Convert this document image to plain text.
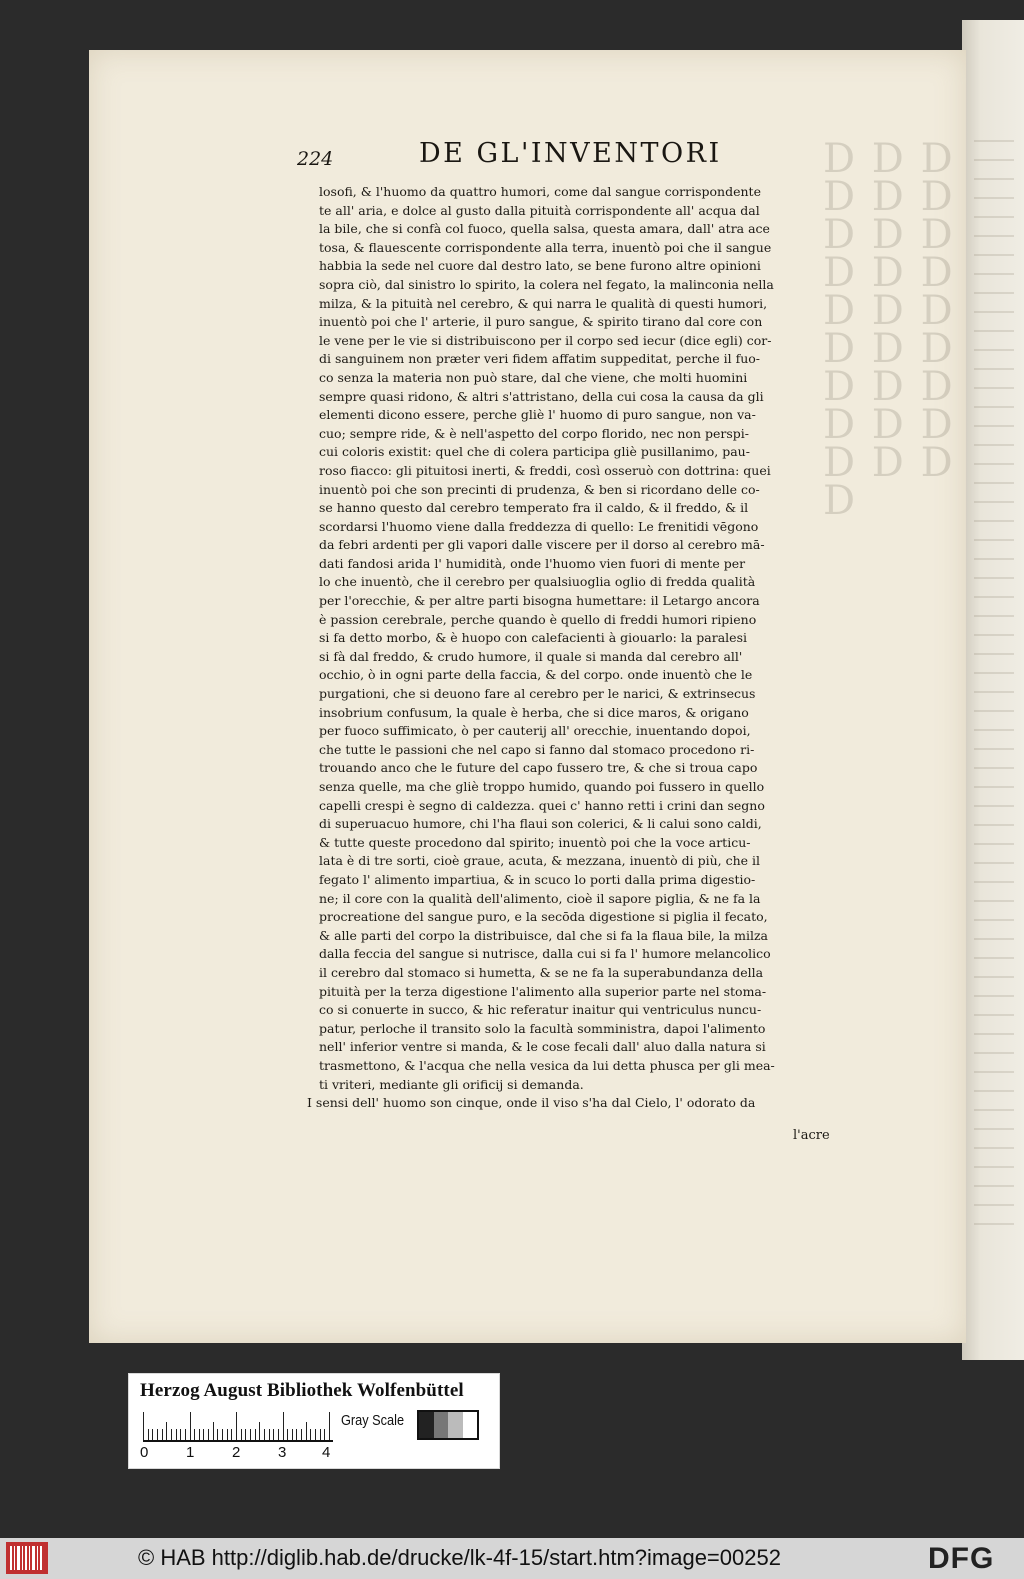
D D D D D D D D D D D D D D D D D D D D D D D D D D D D
224	DE GL'INVENTORI
losofi, & l'huomo da quattro humori, come dal sangue corrispondente
te all' aria, e dolce al gusto dalla pituità corrispondente all' acqua dal
la bile, che si confà col fuoco, quella salsa, questa amara, dall' atra ace
tosa, & flauescente corrispondente alla terra, inuentò poi che il sangue
habbia la sede nel cuore dal destro lato, se bene furono altre opinioni
sopra ciò, dal sinistro lo spirito, la colera nel fegato, la malinconia nella
milza, & la pituità nel cerebro, & qui narra le qualità di questi humori,
inuentò poi che l' arterie, il puro sangue, & spirito tirano dal core con
le vene per le vie si distribuiscono per il corpo sed iecur (dice egli) cor-
di sanguinem non præter veri fidem affatim suppeditat, perche il fuo-
co senza la materia non può stare, dal che viene, che molti huomini
sempre quasi ridono, & altri s'attristano, della cui cosa la causa da gli
elementi dicono essere, perche gliè l' huomo di puro sangue, non va-
cuo; sempre ride, & è nell'aspetto del corpo florido, nec non perspi-
cui coloris existit: quel che di colera participa gliè pusillanimo, pau-
roso fiacco: gli pituitosi inerti, & freddi, così osseruò con dottrina: quei
inuentò poi che son precinti di prudenza, & ben si ricordano delle co-
se hanno questo dal cerebro temperato fra il caldo, & il freddo, & il
scordarsi l'huomo viene dalla freddezza di quello: Le frenitidi vēgono
da febri ardenti per gli vapori dalle viscere per il dorso al cerebro mā-
dati fandosi arida l' humidità, onde l'huomo vien fuori di mente per
lo che inuentò, che il cerebro per qualsiuoglia oglio di fredda qualità
per l'orecchie, & per altre parti bisogna humettare: il Letargo ancora
è passion cerebrale, perche quando è quello di freddi humori ripieno
si fa detto morbo, & è huopo con calefacienti à giouarlo: la paralesi
si fà dal freddo, & crudo humore, il quale si manda dal cerebro all'
occhio, ò in ogni parte della faccia, & del corpo. onde inuentò che le
purgationi, che si deuono fare al cerebro per le narici, & extrinsecus
insobrium confusum, la quale è herba, che si dice maros, & origano
per fuoco suffimicato, ò per cauterij all' orecchie, inuentando dopoi,
che tutte le passioni che nel capo si fanno dal stomaco procedono ri-
trouando anco che le future del capo fussero tre, & che si troua capo
senza quelle, ma che gliè troppo humido, quando poi fussero in quello
capelli crespi è segno di caldezza. quei c' hanno retti i crini dan segno
di superuacuo humore, chi l'ha flaui son colerici, & li calui sono caldi,
& tutte queste procedono dal spirito; inuentò poi che la voce articu-
lata è di tre sorti, cioè graue, acuta, & mezzana, inuentò di più, che il
fegato l' alimento impartiua, & in scuco lo porti dalla prima digestio-
ne; il core con la qualità dell'alimento, cioè il sapore piglia, & ne fa la
procreatione del sangue puro, e la secōda digestione si piglia il fecato,
& alle parti del corpo la distribuisce, dal che si fa la flaua bile, la milza
dalla feccia del sangue si nutrisce, dalla cui si fa l' humore melancolico
il cerebro dal stomaco si humetta, & se ne fa la superabundanza della
pituità per la terza digestione l'alimento alla superior parte nel stoma-
co si conuerte in succo, & hic referatur inaitur qui ventriculus nuncu-
patur, perloche il transito solo la facultà somministra, dapoi l'alimento
nell' inferior ventre si manda, & le cose fecali dall' aluo dalla natura si
trasmettono, & l'acqua che nella vesica da lui detta phusca per gli mea-
ti vriteri, mediante gli orificij si demanda.
I sensi dell' huomo son cinque, onde il viso s'ha dal Cielo, l' odorato da
l'acre
Herzog August Bibliothek Wolfenbüttel
0	1	2	3 4
Gray Scale
© HAB http://diglib.hab.de/drucke/lk-4f-15/start.htm?image=00252	DFG
